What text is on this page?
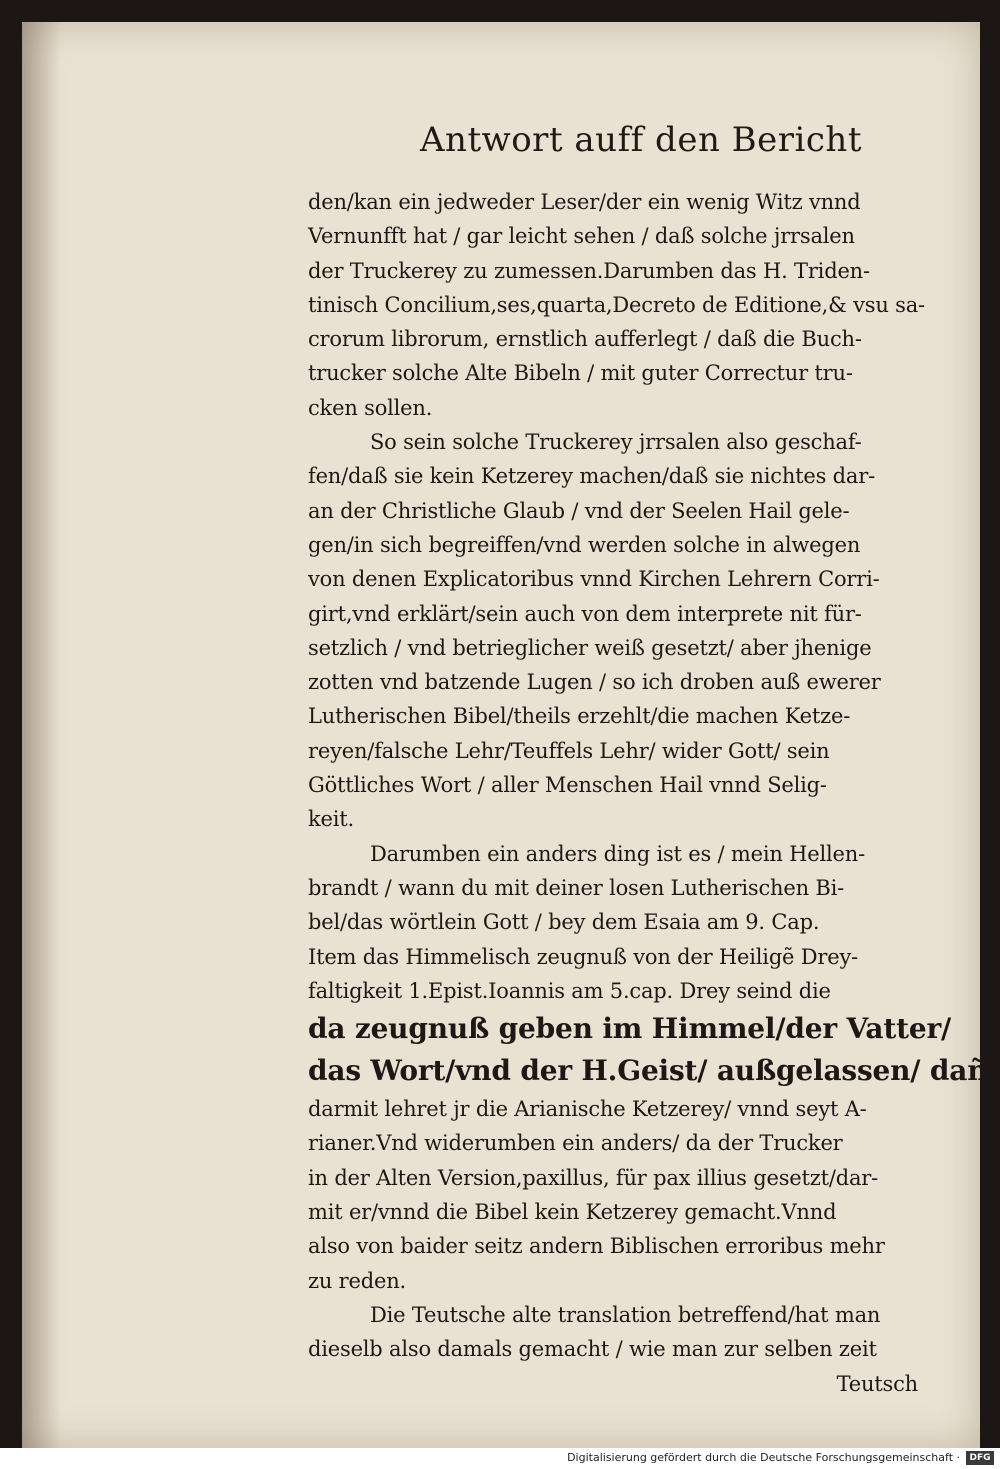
Antwort auff den Bericht
den/kan ein jedweder Leser/der ein wenig Witz vnnd
Vernunfft hat / gar leicht sehen / daß solche jrrsalen
der Truckerey zu zumessen.Darumben das H. Triden-
tinisch Concilium,ses,quarta,Decreto de Editione,& vsu sa-
crorum librorum, ernstlich aufferlegt / daß die Buch-
trucker solche Alte Bibeln / mit guter Correctur tru-
cken sollen.
So sein solche Truckerey jrrsalen also geschaf-
fen/daß sie kein Ketzerey machen/daß sie nichtes dar-
an der Christliche Glaub / vnd der Seelen Hail gele-
gen/in sich begreiffen/vnd werden solche in alwegen
von denen Explicatoribus vnnd Kirchen Lehrern Corri-
girt,vnd erklärt/sein auch von dem interprete nit für-
setzlich / vnd betrieglicher weiß gesetzt/ aber jhenige
zotten vnd batzende Lugen / so ich droben auß ewerer
Lutherischen Bibel/theils erzehlt/die machen Ketze-
reyen/falsche Lehr/Teuffels Lehr/ wider Gott/ sein
Göttliches Wort / aller Menschen Hail vnnd Selig-
keit.
Darumben ein anders ding ist es / mein Hellen-
brandt / wann du mit deiner losen Lutherischen Bi-
bel/das wörtlein Gott / bey dem Esaia am 9. Cap.
Item das Himmelisch zeugnuß von der Heiligẽ Drey-
faltigkeit 1.Epist.Ioannis am 5.cap. Drey seind die
da zeugnuß geben im Himmel/der Vatter/
das Wort/vnd der H.Geist/ außgelassen/ dañ
darmit lehret jr die Arianische Ketzerey/ vnnd seyt A-
rianer.Vnd widerumben ein anders/ da der Trucker
in der Alten Version,paxillus, für pax illius gesetzt/dar-
mit er/vnnd die Bibel kein Ketzerey gemacht.Vnnd
also von baider seitz andern Biblischen erroribus mehr
zu reden.
Die Teutsche alte translation betreffend/hat man
dieselb also damals gemacht / wie man zur selben zeit
Teutsch
Digitalisierung gefördert durch die Deutsche Forschungsgemeinschaft ·	DFG
